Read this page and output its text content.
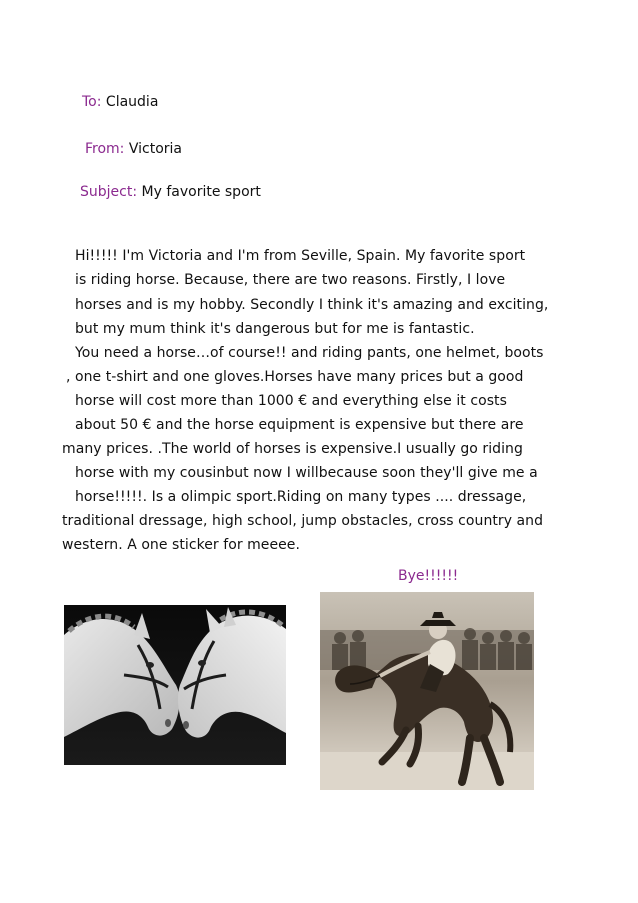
To: Claudia
From: Victoria
Subject: My favorite sport
Hi!!!!! I'm Victoria and I'm from Seville, Spain. My favorite sport
is riding horse. Because, there are two reasons. Firstly, I love
horses and is my hobby. Secondly I think it's amazing and exciting,
but my mum think it's dangerous but for me is fantastic.
You need a horse…of course!! and riding pants, one helmet, boots
, one t-shirt and one gloves.Horses have many prices but a good
horse will cost more than 1000 € and everything else it costs
about 50 € and the horse equipment is expensive but there are
many prices. .The world of horses is expensive.I usually go riding
horse with my cousinbut now I willbecause soon they'll give me a
horse!!!!!. Is a olimpic sport.Riding on many types .... dressage,
traditional dressage, high school, jump obstacles, cross country and
western. A one sticker for meeee.
Bye!!!!!!
